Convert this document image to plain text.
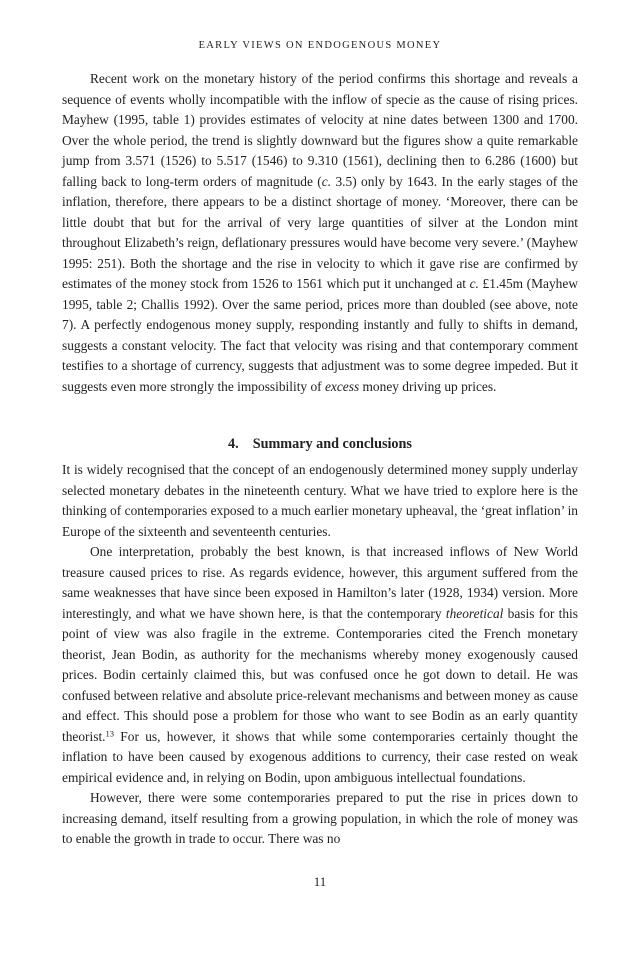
EARLY VIEWS ON ENDOGENOUS MONEY

Recent work on the monetary history of the period confirms this shortage and reveals a sequence of events wholly incompatible with the inflow of specie as the cause of rising prices. Mayhew (1995, table 1) provides estimates of velocity at nine dates between 1300 and 1700. Over the whole period, the trend is slightly downward but the figures show a quite remarkable jump from 3.571 (1526) to 5.517 (1546) to 9.310 (1561), declining then to 6.286 (1600) but falling back to long-term orders of magnitude (c. 3.5) only by 1643. In the early stages of the inflation, therefore, there appears to be a distinct shortage of money. ‘Moreover, there can be little doubt that but for the arrival of very large quantities of silver at the London mint throughout Elizabeth’s reign, deflationary pressures would have become very severe.’ (Mayhew 1995: 251). Both the shortage and the rise in velocity to which it gave rise are confirmed by estimates of the money stock from 1526 to 1561 which put it unchanged at c. £1.45m (Mayhew 1995, table 2; Challis 1992). Over the same period, prices more than doubled (see above, note 7). A perfectly endogenous money supply, responding instantly and fully to shifts in demand, suggests a constant velocity. The fact that velocity was rising and that contemporary comment testifies to a shortage of currency, suggests that adjustment was to some degree impeded. But it suggests even more strongly the impossibility of excess money driving up prices.

4. Summary and conclusions

It is widely recognised that the concept of an endogenously determined money supply underlay selected monetary debates in the nineteenth century. What we have tried to explore here is the thinking of contemporaries exposed to a much earlier monetary upheaval, the ‘great inflation’ in Europe of the sixteenth and seventeenth centuries.

One interpretation, probably the best known, is that increased inflows of New World treasure caused prices to rise. As regards evidence, however, this argument suffered from the same weaknesses that have since been exposed in Hamilton’s later (1928, 1934) version. More interestingly, and what we have shown here, is that the contemporary theoretical basis for this point of view was also fragile in the extreme. Contemporaries cited the French monetary theorist, Jean Bodin, as authority for the mechanisms whereby money exogenously caused prices. Bodin certainly claimed this, but was confused once he got down to detail. He was confused between relative and absolute price-relevant mechanisms and between money as cause and effect. This should pose a problem for those who want to see Bodin as an early quantity theorist.$^{13}$ For us, however, it shows that while some contemporaries certainly thought the inflation to have been caused by exogenous additions to currency, their case rested on weak empirical evidence and, in relying on Bodin, upon ambiguous intellectual foundations.

However, there were some contemporaries prepared to put the rise in prices down to increasing demand, itself resulting from a growing population, in which the role of money was to enable the growth in trade to occur. There was no

11
